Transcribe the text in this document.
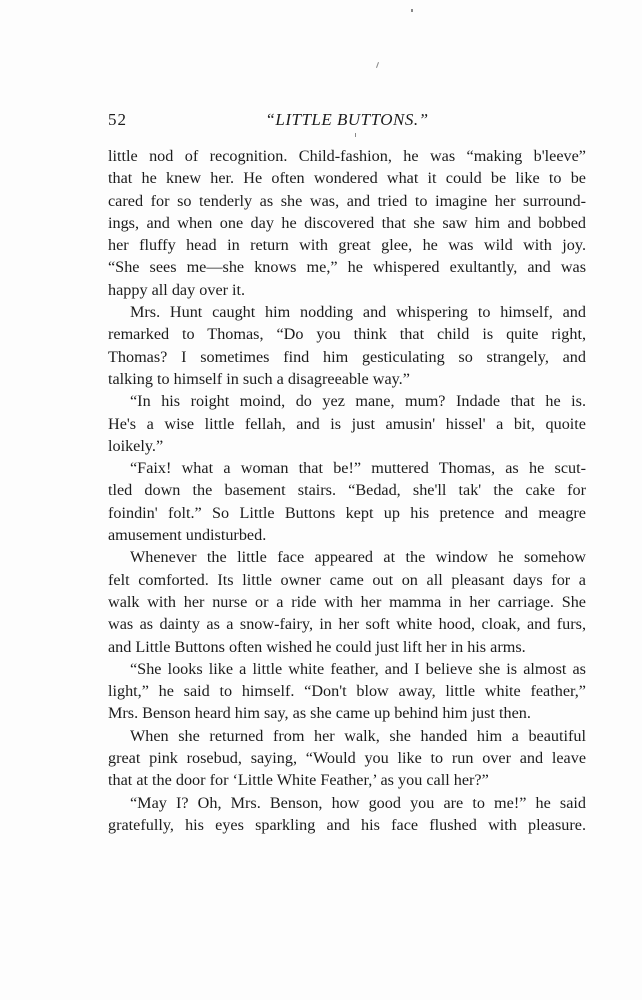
52	“LITTLE BUTTONS.”
little nod of recognition. Child-fashion, he was “making b'leeve”
that he knew her. He often wondered what it could be like to be
cared for so tenderly as she was, and tried to imagine her surround-
ings, and when one day he discovered that she saw him and bobbed
her fluffy head in return with great glee, he was wild with joy.
“She sees me—she knows me,” he whispered exultantly, and was
happy all day over it.
Mrs. Hunt caught him nodding and whispering to himself, and
remarked to Thomas, “Do you think that child is quite right,
Thomas? I sometimes find him gesticulating so strangely, and
talking to himself in such a disagreeable way.”
“In his roight moind, do yez mane, mum? Indade that he is.
He's a wise little fellah, and is just amusin' hissel' a bit, quoite
loikely.”
“Faix! what a woman that be!” muttered Thomas, as he scut-
tled down the basement stairs. “Bedad, she'll tak' the cake for
foindin' folt.” So Little Buttons kept up his pretence and meagre
amusement undisturbed.
Whenever the little face appeared at the window he somehow
felt comforted. Its little owner came out on all pleasant days for a
walk with her nurse or a ride with her mamma in her carriage. She
was as dainty as a snow-fairy, in her soft white hood, cloak, and furs,
and Little Buttons often wished he could just lift her in his arms.
“She looks like a little white feather, and I believe she is almost as
light,” he said to himself. “Don't blow away, little white feather,”
Mrs. Benson heard him say, as she came up behind him just then.
When she returned from her walk, she handed him a beautiful
great pink rosebud, saying, “Would you like to run over and leave
that at the door for ‘Little White Feather,’ as you call her?”
“May I? Oh, Mrs. Benson, how good you are to me!” he said
gratefully, his eyes sparkling and his face flushed with pleasure.
